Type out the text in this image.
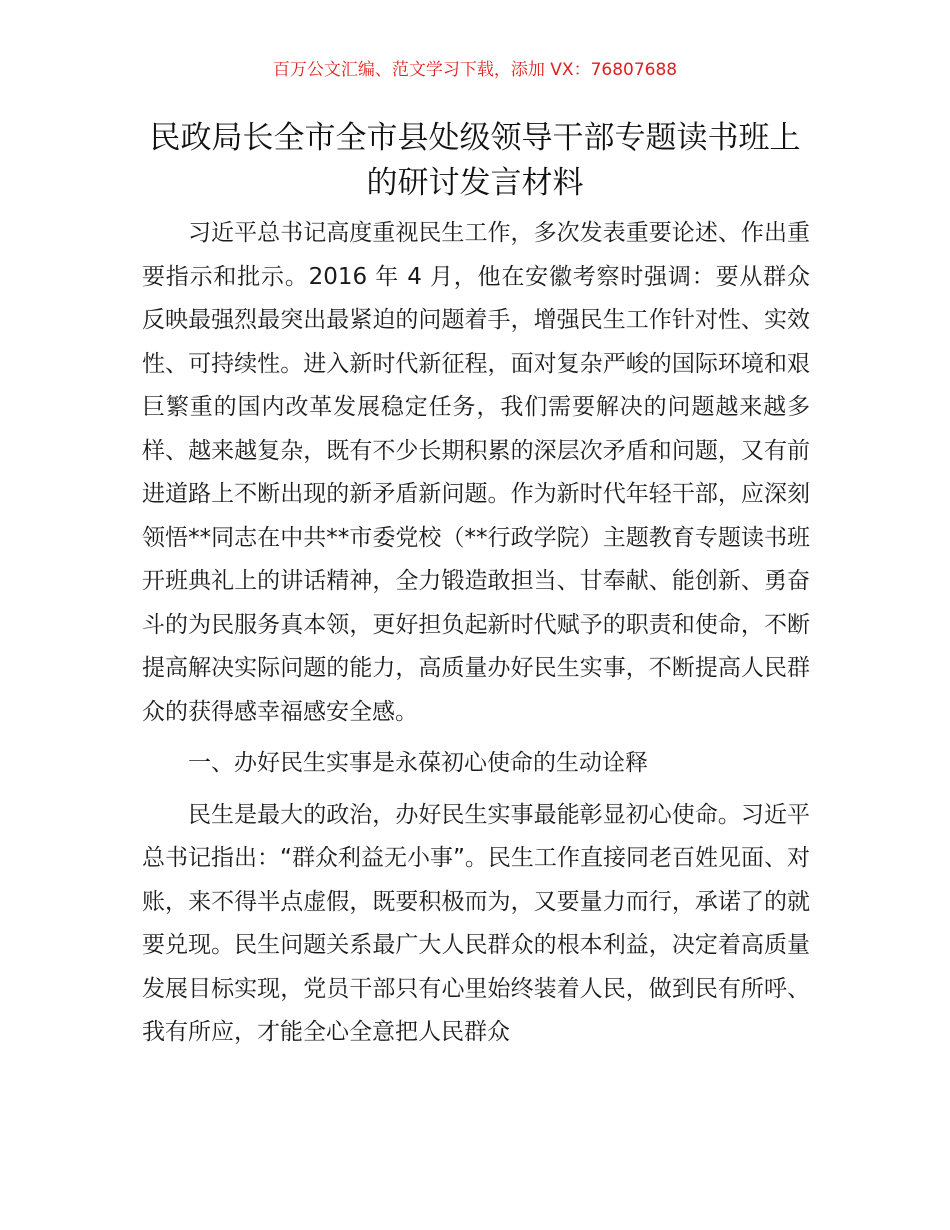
百万公文汇编、范文学习下载，添加 VX：76807688
民政局长全市全市县处级领导干部专题读书班上的研讨发言材料

习近平总书记高度重视民生工作，多次发表重要论述、作出重要指示和批示。2016 年 4 月，他在安徽考察时强调：要从群众反映最强烈最突出最紧迫的问题着手，增强民生工作针对性、实效性、可持续性。进入新时代新征程，面对复杂严峻的国际环境和艰巨繁重的国内改革发展稳定任务，我们需要解决的问题越来越多样、越来越复杂，既有不少长期积累的深层次矛盾和问题，又有前进道路上不断出现的新矛盾新问题。作为新时代年轻干部，应深刻领悟**同志在中共**市委党校（**行政学院）主题教育专题读书班开班典礼上的讲话精神，全力锻造敢担当、甘奉献、能创新、勇奋斗的为民服务真本领，更好担负起新时代赋予的职责和使命，不断提高解决实际问题的能力，高质量办好民生实事，不断提高人民群众的获得感幸福感安全感。

一、办好民生实事是永葆初心使命的生动诠释

民生是最大的政治，办好民生实事最能彰显初心使命。习近平总书记指出：“群众利益无小事”。民生工作直接同老百姓见面、对账，来不得半点虚假，既要积极而为，又要量力而行，承诺了的就要兑现。民生问题关系最广大人民群众的根本利益，决定着高质量发展目标实现，党员干部只有心里始终装着人民，做到民有所呼、我有所应，才能全心全意把人民群众
